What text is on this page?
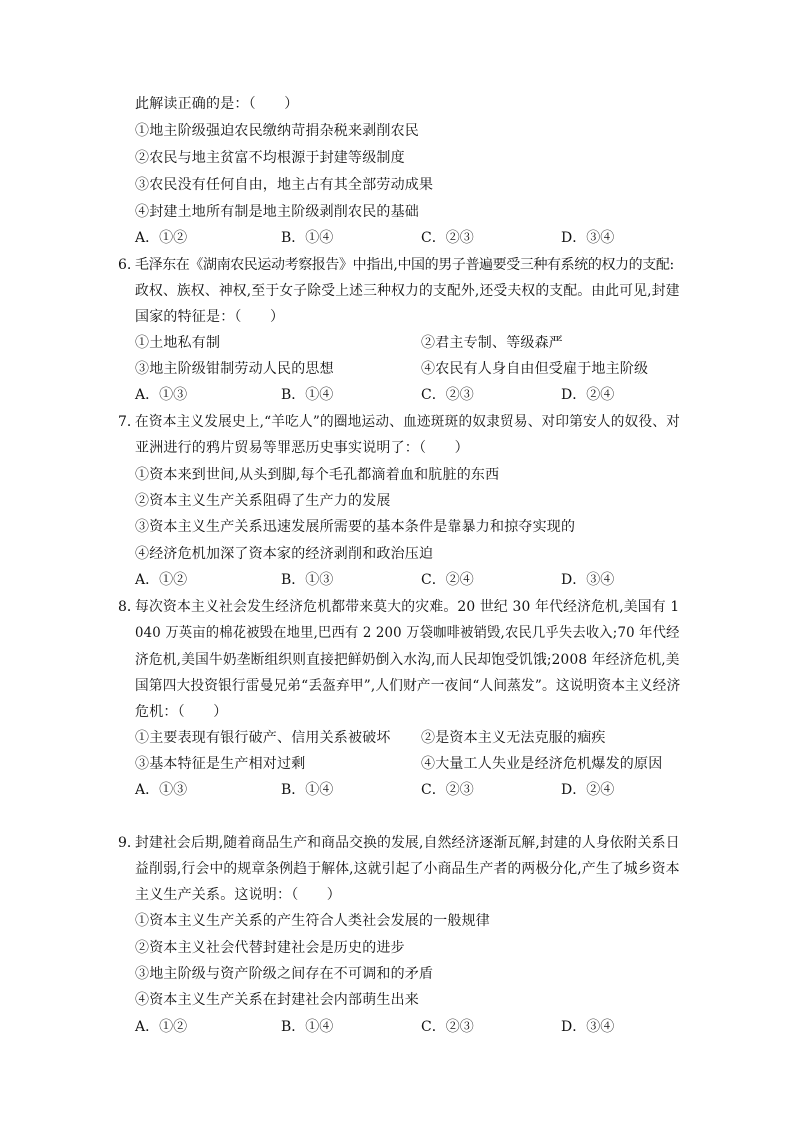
此解读正确的是：（　　）
①地主阶级强迫农民缴纳苛捐杂税来剥削农民
②农民与地主贫富不均根源于封建等级制度
③农民没有任何自由，地主占有其全部劳动成果
④封建土地所有制是地主阶级剥削农民的基础
A．①②	B．①④	C．②③	D．③④
6. 毛泽东在《湖南农民运动考察报告》中指出,中国的男子普遍要受三种有系统的权力的支配:
政权、族权、神权,至于女子除受上述三种权力的支配外,还受夫权的支配。由此可见,封建
国家的特征是：（　　）
①土地私有制	②君主专制、等级森严
③地主阶级钳制劳动人民的思想	④农民有人身自由但受雇于地主阶级
A．①③	B．①④	C．②③	D．②④
7．
在资本主义发展史上,“羊吃人”的圈地运动、血迹斑斑的奴隶贸易、对印第安人的奴役、对
亚洲进行的鸦片贸易等罪恶历史事实说明了：（　　）
①资本来到世间,从头到脚,每个毛孔都滴着血和肮脏的东西
②资本主义生产关系阻碍了生产力的发展
③资本主义生产关系迅速发展所需要的基本条件是靠暴力和掠夺实现的
④经济危机加深了资本家的经济剥削和政治压迫
A．①②	B．①③	C．②④	D．③④
8．
每次资本主义社会发生经济危机都带来莫大的灾难。20 世纪 30 年代经济危机,美国有 1
040 万英亩的棉花被毁在地里,巴西有 2 200 万袋咖啡被销毁,农民几乎失去收入;70 年代经
济危机,美国牛奶垄断组织则直接把鲜奶倒入水沟,而人民却饱受饥饿;2008 年经济危机,美
国第四大投资银行雷曼兄弟“丢盔弃甲”,人们财产一夜间“人间蒸发”。这说明资本主义经济
危机：（　　）
①主要表现有银行破产、信用关系被破坏 ②是资本主义无法克服的痼疾
③基本特征是生产相对过剩	④大量工人失业是经济危机爆发的原因
A．①③	B．①④	C．②③	D．②④
9．
封建社会后期,随着商品生产和商品交换的发展,自然经济逐渐瓦解,封建的人身依附关系日
益削弱,行会中的规章条例趋于解体,这就引起了小商品生产者的两极分化,产生了城乡资本
主义生产关系。这说明：（　　）
①资本主义生产关系的产生符合人类社会发展的一般规律
②资本主义社会代替封建社会是历史的进步
③地主阶级与资产阶级之间存在不可调和的矛盾
④资本主义生产关系在封建社会内部萌生出来
A．①②	B．①④	C．②③	D．③④
